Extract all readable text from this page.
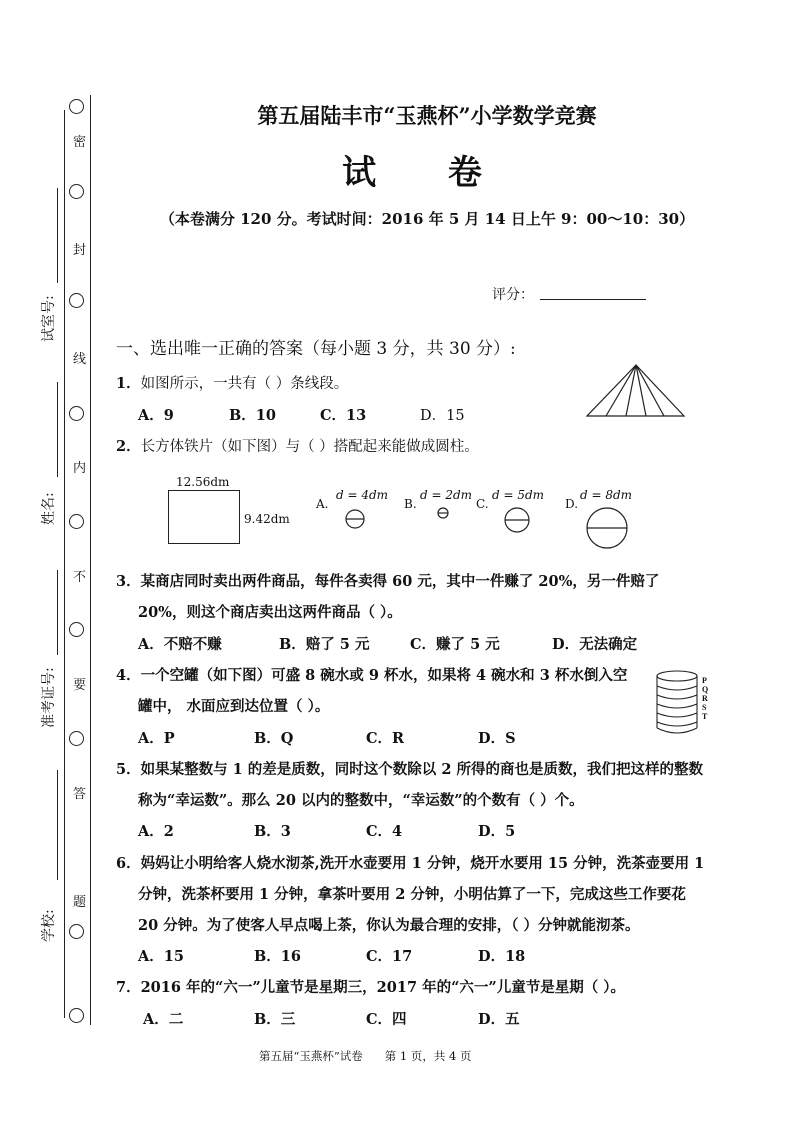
密
封
线
内
不
要
答
题
试室号:
姓名:
准考证号:
学校:
第五届陆丰市“玉燕杯”小学数学竞赛
试 卷
（本卷满分 120 分。考试时间：2016 年 5 月 14 日上午 9：00～10：30）
评分：
一、选出唯一正确的答案（每小题 3 分，共 30 分）:
1．如图所示，一共有（ ）条线段。
A．9	B．10	C．13	D．15
2．长方体铁片（如下图）与（ ）搭配起来能做成圆柱。
12.56dm
9.42dm
A.
d = 4dm
B.
d = 2dm
C.
d = 5dm
D.
d = 8dm
3．某商店同时卖出两件商品，每件各卖得 60 元，其中一件赚了 20%，另一件赔了
20%，则这个商店卖出这两件商品（ ）。
A．不赔不赚	B．赔了 5 元	C．赚了 5 元	D．无法确定
4．一个空罐（如下图）可盛 8 碗水或 9 杯水，如果将 4 碗水和 3 杯水倒入空
罐中， 水面应到达位置（ ）。
A．P	B．Q	C．R	D．S
P
Q
R
S
T
5．如果某整数与 1 的差是质数，同时这个数除以 2 所得的商也是质数，我们把这样的整数
称为“幸运数”。那么 20 以内的整数中，“幸运数”的个数有（ ）个。
A．2	B．3	C．4	D．5
6．妈妈让小明给客人烧水沏茶,洗开水壶要用 1 分钟，烧开水要用 15 分钟，洗茶壶要用 1
分钟，洗茶杯要用 1 分钟，拿茶叶要用 2 分钟，小明估算了一下，完成这些工作要花
20 分钟。为了使客人早点喝上茶，你认为最合理的安排，（ ）分钟就能沏茶。
A．15	B．16	C．17	D．18
7．2016 年的“六一”儿童节是星期三，2017 年的“六一”儿童节是星期（ ）。
A．二	B．三	C．四	D．五
第五届“玉燕杯”试卷 第 1 页，共 4 页
